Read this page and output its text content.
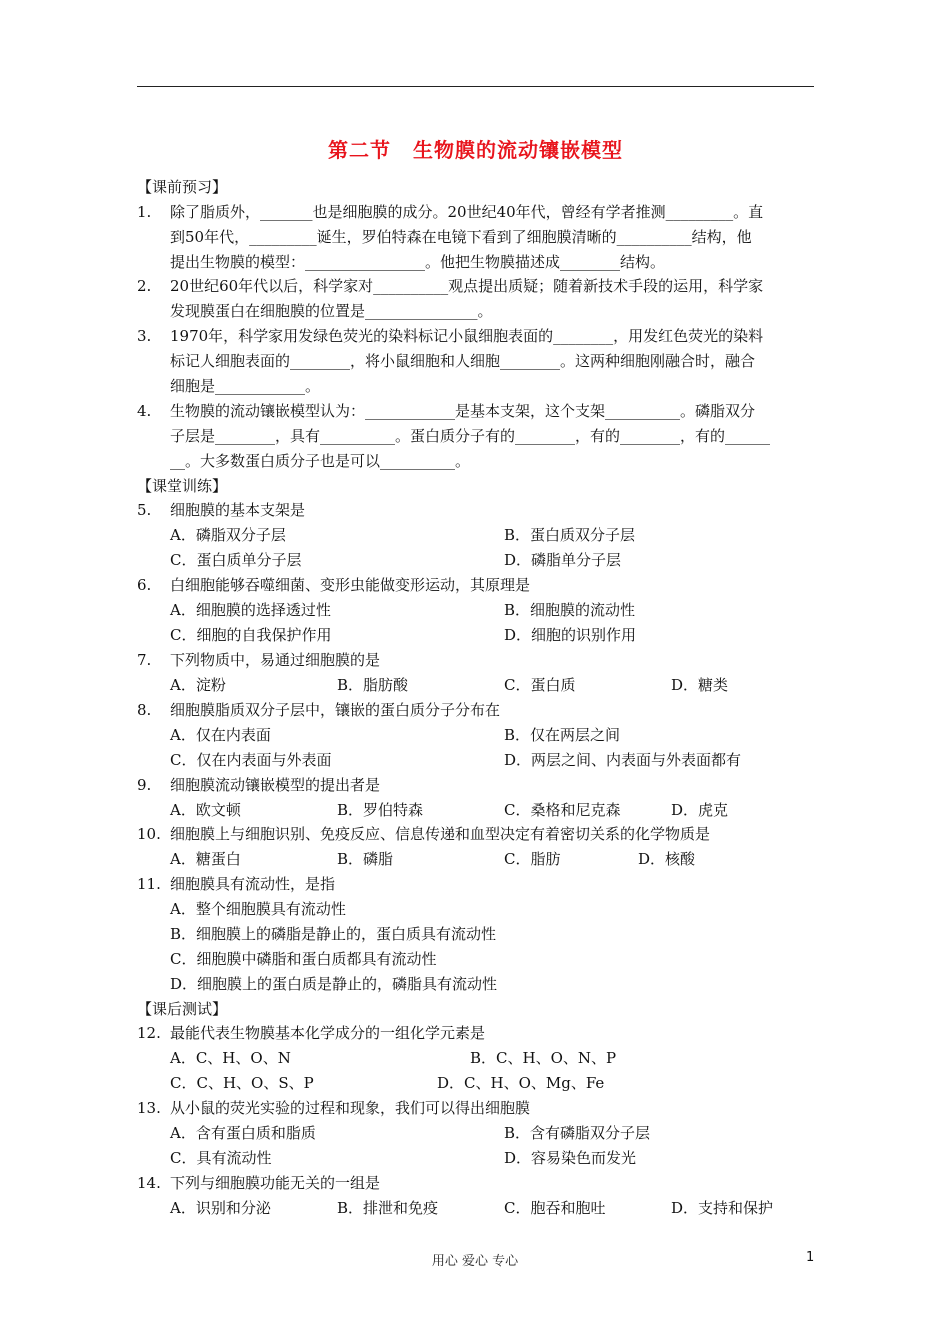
第二节 生物膜的流动镶嵌模型
【课前预习】
1. 除了脂质外，_______也是细胞膜的成分。20世纪40年代，曾经有学者推测_________。直
到50年代，_________诞生，罗伯特森在电镜下看到了细胞膜清晰的__________结构，他
提出生物膜的模型：________________。他把生物膜描述成________结构。
2. 20世纪60年代以后，科学家对__________观点提出质疑；随着新技术手段的运用，科学家
发现膜蛋白在细胞膜的位置是_______________。
3. 1970年，科学家用发绿色荧光的染料标记小鼠细胞表面的________，用发红色荧光的染料
标记人细胞表面的________，将小鼠细胞和人细胞________。这两种细胞刚融合时，融合
细胞是____________。
4. 生物膜的流动镶嵌模型认为：____________是基本支架，这个支架__________。磷脂双分
子层是________，具有__________。蛋白质分子有的________，有的________，有的______
__。大多数蛋白质分子也是可以__________。
【课堂训练】
5. 细胞膜的基本支架是
A．磷脂双分子层	B．蛋白质双分子层
C．蛋白质单分子层	D．磷脂单分子层
6. 白细胞能够吞噬细菌、变形虫能做变形运动，其原理是
A．细胞膜的选择透过性	B．细胞膜的流动性
C．细胞的自我保护作用	D．细胞的识别作用
7. 下列物质中，易通过细胞膜的是
A．淀粉	B．脂肪酸	C．蛋白质	D．糖类
8. 细胞膜脂质双分子层中，镶嵌的蛋白质分子分布在
A．仅在内表面	B．仅在两层之间
C．仅在内表面与外表面	D．两层之间、内表面与外表面都有
9. 细胞膜流动镶嵌模型的提出者是
A．欧文顿	B．罗伯特森	C．桑格和尼克森	D．虎克
10. 细胞膜上与细胞识别、免疫反应、信息传递和血型决定有着密切关系的化学物质是
A．糖蛋白	B．磷脂	C．脂肪	D．核酸
11. 细胞膜具有流动性，是指
A．整个细胞膜具有流动性
B．细胞膜上的磷脂是静止的，蛋白质具有流动性
C．细胞膜中磷脂和蛋白质都具有流动性
D．细胞膜上的蛋白质是静止的，磷脂具有流动性
【课后测试】
12. 最能代表生物膜基本化学成分的一组化学元素是
A．C、H、O、N	B．C、H、O、N、P
C．C、H、O、S、P	D．C、H、O、Mg、Fe
13. 从小鼠的荧光实验的过程和现象，我们可以得出细胞膜
A．含有蛋白质和脂质	B．含有磷脂双分子层
C．具有流动性	D．容易染色而发光
14. 下列与细胞膜功能无关的一组是
A．识别和分泌	B．排泄和免疫	C．胞吞和胞吐	D．支持和保护
用心 爱心 专心	1
